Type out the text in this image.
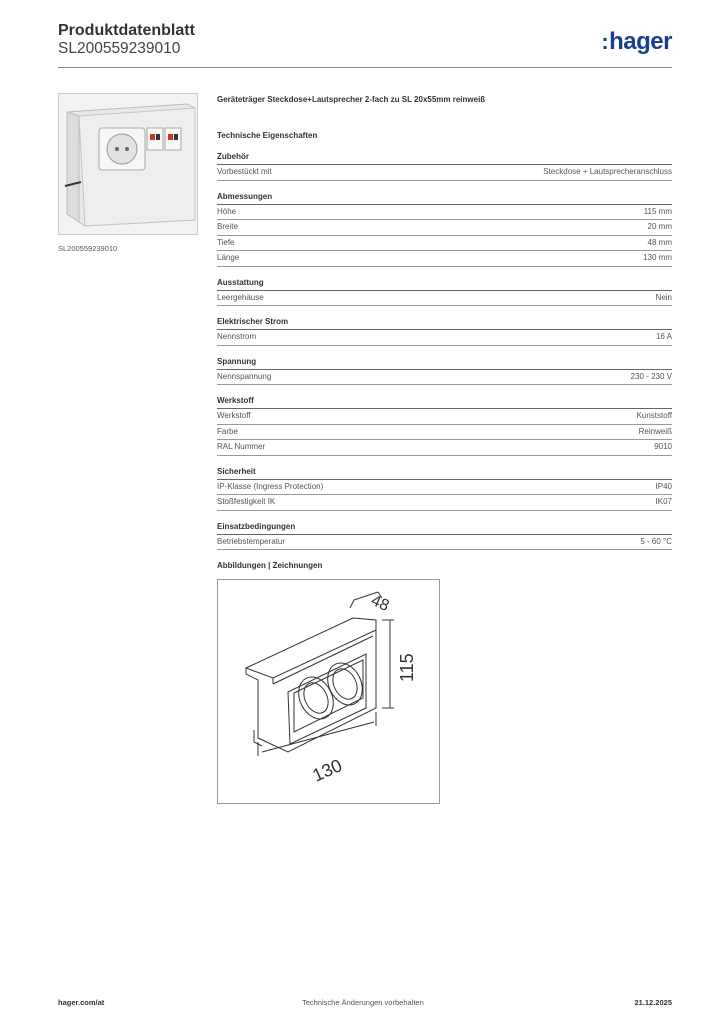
Produktdatenblatt
SL200559239010	:hager
SL200559239010
Geräteträger Steckdose+Lautsprecher 2-fach zu SL 20x55mm reinweiß
Technische Eigenschaften
Zubehör
Vorbestückt mit	Steckdose + Lautsprecheranschluss
Abmessungen
Höhe	115 mm
Breite	20 mm
Tiefe	48 mm
Länge	130 mm
Ausstattung
Leergehäuse	Nein
Elektrischer Strom
Nennstrom	16 A
Spannung
Nennspannung	230 - 230 V
Werkstoff
Werkstoff	Kunststoff
Farbe	Reinweiß
RAL Nummer	9010
Sicherheit
IP-Klasse (Ingress Protection)	IP40
Stoßfestigkeit IK	IK07
Einsatzbedingungen
Betriebstemperatur	5 - 60 °C
Abbildungen | Zeichnungen
48
115
130
hager.com/at	Technische Änderungen vorbehalten	21.12.2025
